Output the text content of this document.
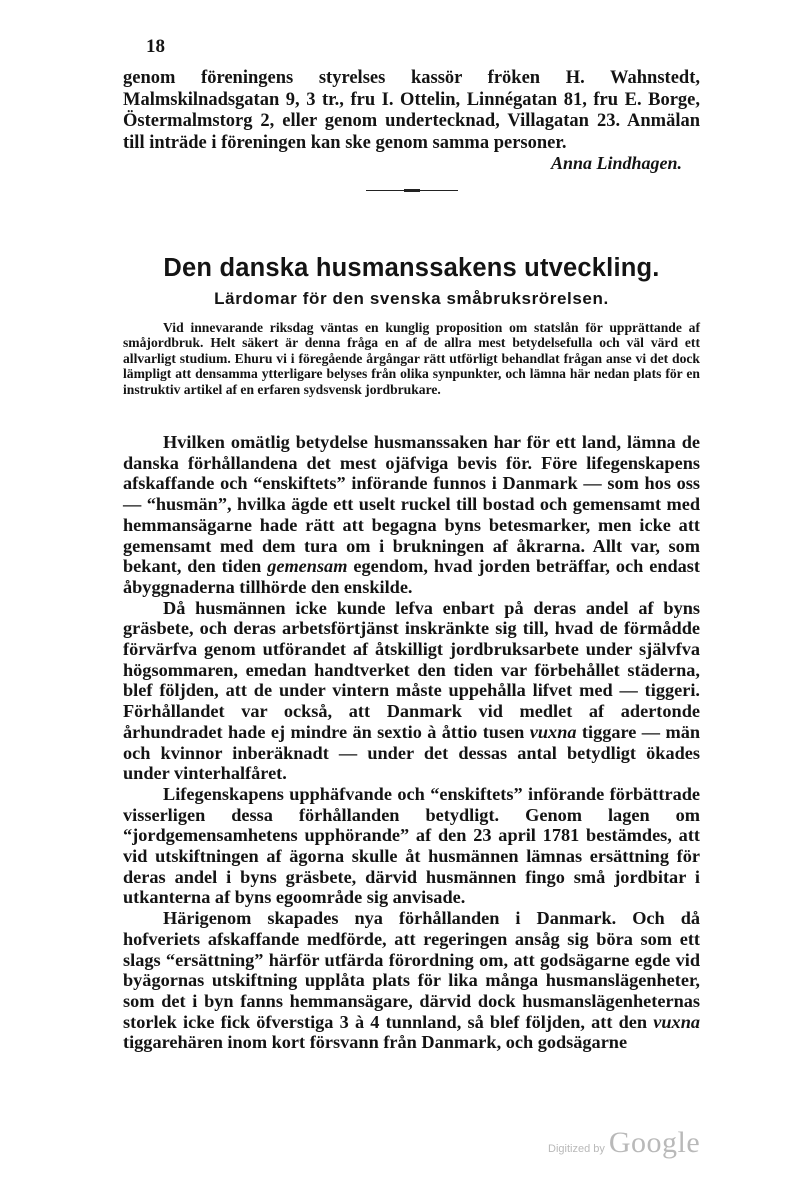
18
genom föreningens styrelses kassör fröken H. Wahnstedt, Malmskilnadsgatan 9, 3 tr., fru I. Ottelin, Linnégatan 81, fru E. Borge, Östermalmstorg 2, eller genom undertecknad, Villagatan 23. Anmälan till inträde i föreningen kan ske genom samma personer.
Anna Lindhagen.
Den danska husmanssakens utveckling.
Lärdomar för den svenska småbruksrörelsen.
Vid innevarande riksdag väntas en kunglig proposition om statslån för upprättande af småjordbruk. Helt säkert är denna fråga en af de allra mest betydelsefulla och väl värd ett allvarligt studium. Ehuru vi i föregående årgångar rätt utförligt behandlat frågan anse vi det dock lämpligt att densamma ytterligare belyses från olika synpunkter, och lämna här nedan plats för en instruktiv artikel af en erfaren sydsvensk jordbrukare.

Hvilken omätlig betydelse husmanssaken har för ett land, lämna de danska förhållandena det mest ojäfviga bevis för. Före lifegenskapens afskaffande och “enskiftets” införande funnos i Danmark — som hos oss — “husmän”, hvilka ägde ett uselt ruckel till bostad och gemensamt med hemmansägarne hade rätt att begagna byns betesmarker, men icke att gemensamt med dem tura om i brukningen af åkrarna. Allt var, som bekant, den tiden gemensam egendom, hvad jorden beträffar, och endast åbyggnaderna tillhörde den enskilde.

Då husmännen icke kunde lefva enbart på deras andel af byns gräsbete, och deras arbetsförtjänst inskränkte sig till, hvad de förmådde förvärfva genom utförandet af åtskilligt jordbruksarbete under självfva högsommaren, emedan handtverket den tiden var förbehållet städerna, blef följden, att de under vintern måste uppehålla lifvet med — tiggeri. Förhållandet var också, att Danmark vid medlet af adertonde århundradet hade ej mindre än sextio à åttio tusen vuxna tiggare — män och kvinnor inberäknadt — under det dessas antal betydligt ökades under vinterhalfåret.

Lifegenskapens upphäfvande och “enskiftets” införande förbättrade visserligen dessa förhållanden betydligt. Genom lagen om “jordgemensamhetens upphörande” af den 23 april 1781 bestämdes, att vid utskiftningen af ägorna skulle åt husmännen lämnas ersättning för deras andel i byns gräsbete, därvid husmännen fingo små jordbitar i utkanterna af byns egoområde sig anvisade.

Härigenom skapades nya förhållanden i Danmark. Och då hofveriets afskaffande medförde, att regeringen ansåg sig böra som ett slags “ersättning” härför utfärda förordning om, att godsägarne egde vid byägornas utskiftning upplåta plats för lika många husmanslägenheter, som det i byn fanns hemmansägare, därvid dock husmanslägenheternas storlek icke fick öfverstiga 3 à 4 tunnland, så blef följden, att den vuxna tiggarehären inom kort försvann från Danmark, och godsägarne

Digitized by Google
